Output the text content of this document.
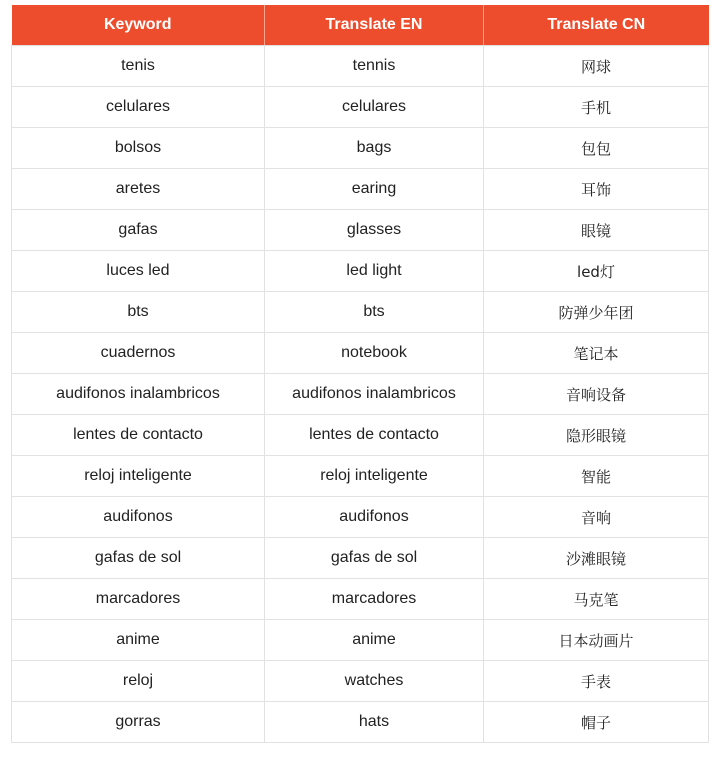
Keyword	Translate EN	Translate CN
tenis	tennis	网球
celulares	celulares	手机
bolsos	bags	包包
aretes	earing	耳饰
gafas	glasses	眼镜
luces led	led light	led灯
bts	bts	防弹少年团
cuadernos	notebook	笔记本
audifonos inalambricos	audifonos inalambricos	音响设备
lentes de contacto	lentes de contacto	隐形眼镜
reloj inteligente	reloj inteligente	智能
audifonos	audifonos	音响
gafas de sol	gafas de sol	沙滩眼镜
marcadores	marcadores	马克笔
anime	anime	日本动画片
reloj	watches	手表
gorras	hats	帽子
